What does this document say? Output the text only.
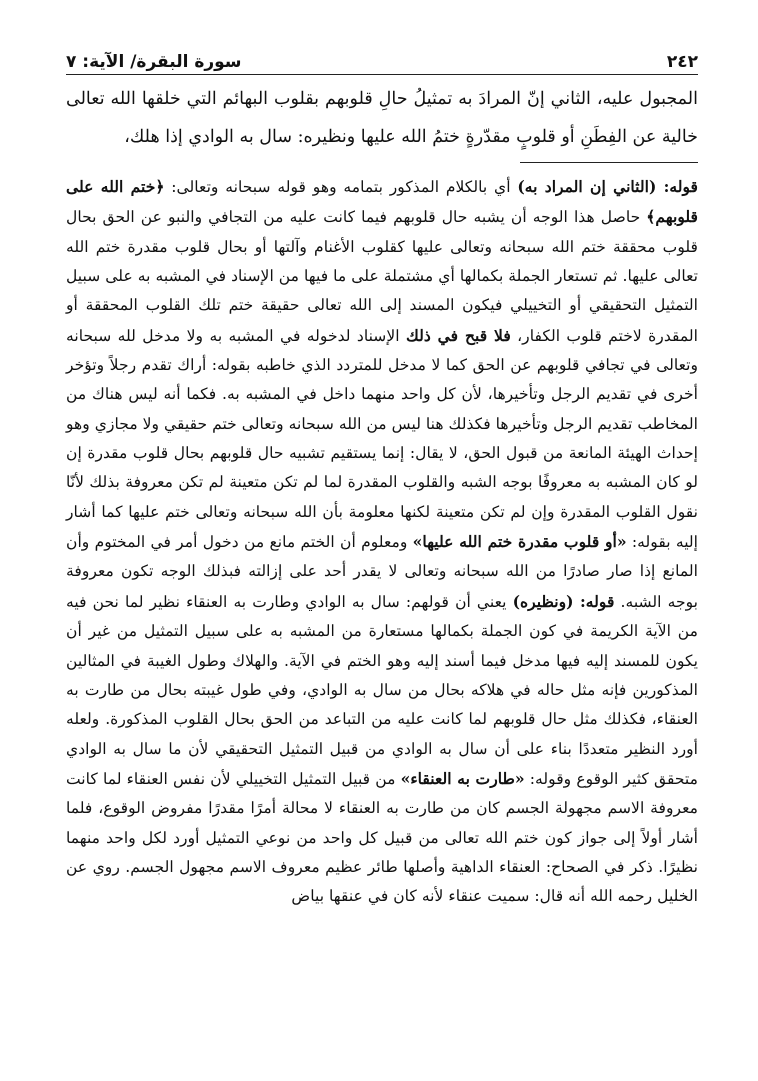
٢٤٢
سورة البقرة/ الآية: ٧

المجبول عليه، الثاني إنّ المرادَ به تمثيلُ حالِ قلوبهم بقلوب البهائم التي خلقها الله تعالى خالية عن الفِطَنِ أو قلوبٍ مقدّرةٍ ختمُ الله عليها ونظيره: سال به الوادي إذا هلك،

قوله: (الثاني إن المراد به) أي بالكلام المذكور بتمامه وهو قوله سبحانه وتعالى: ﴿ختم الله على قلوبهم﴾ حاصل هذا الوجه أن يشبه حال قلوبهم فيما كانت عليه من التجافي والنبو عن الحق بحال قلوب محققة ختم الله سبحانه وتعالى عليها كقلوب الأغنام وآلتها أو بحال قلوب مقدرة ختم الله تعالى عليها. ثم تستعار الجملة بكمالها أي مشتملة على ما فيها من الإسناد في المشبه به على سبيل التمثيل التحقيقي أو التخييلي فيكون المسند إلى الله تعالى حقيقة ختم تلك القلوب المحققة أو المقدرة لاختم قلوب الكفار، فلا قبح في ذلك الإسناد لدخوله في المشبه به ولا مدخل لله سبحانه وتعالى في تجافي قلوبهم عن الحق كما لا مدخل للمتردد الذي خاطبه بقوله: أراك تقدم رجلاً وتؤخر أخرى في تقديم الرجل وتأخيرها، لأن كل واحد منهما داخل في المشبه به. فكما أنه ليس هناك من المخاطب تقديم الرجل وتأخيرها فكذلك هنا ليس من الله سبحانه وتعالى ختم حقيقي ولا مجازي وهو إحداث الهيئة المانعة من قبول الحق، لا يقال: إنما يستقيم تشبيه حال قلوبهم بحال قلوب مقدرة إن لو كان المشبه به معروفًا بوجه الشبه والقلوب المقدرة لما لم تكن متعينة لم تكن معروفة بذلك لأنّا نقول القلوب المقدرة وإن لم تكن متعينة لكنها معلومة بأن الله سبحانه وتعالى ختم عليها كما أشار إليه بقوله: «أو قلوب مقدرة ختم الله عليها» ومعلوم أن الختم مانع من دخول أمر في المختوم وأن المانع إذا صار صادرًا من الله سبحانه وتعالى لا يقدر أحد على إزالته فبذلك الوجه تكون معروفة بوجه الشبه. قوله: (ونظيره) يعني أن قولهم: سال به الوادي وطارت به العنقاء نظير لما نحن فيه من الآية الكريمة في كون الجملة بكمالها مستعارة من المشبه به على سبيل التمثيل من غير أن يكون للمسند إليه فيها مدخل فيما أسند إليه وهو الختم في الآية. والهلاك وطول الغيبة في المثالين المذكورين فإنه مثل حاله في هلاكه بحال من سال به الوادي، وفي طول غيبته بحال من طارت به العنقاء، فكذلك مثل حال قلوبهم لما كانت عليه من التباعد من الحق بحال القلوب المذكورة. ولعله أورد النظير متعددًا بناء على أن سال به الوادي من قبيل التمثيل التحقيقي لأن ما سال به الوادي متحقق كثير الوقوع وقوله: «طارت به العنقاء» من قبيل التمثيل التخييلي لأن نفس العنقاء لما كانت معروفة الاسم مجهولة الجسم كان من طارت به العنقاء لا محالة أمرًا مقدرًا مفروض الوقوع، فلما أشار أولاً إلى جواز كون ختم الله تعالى من قبيل كل واحد من نوعي التمثيل أورد لكل واحد منهما نظيرًا. ذكر في الصحاح: العنقاء الداهية وأصلها طائر عظيم معروف الاسم مجهول الجسم. روي عن الخليل رحمه الله أنه قال: سميت عنقاء لأنه كان في عنقها بياض
